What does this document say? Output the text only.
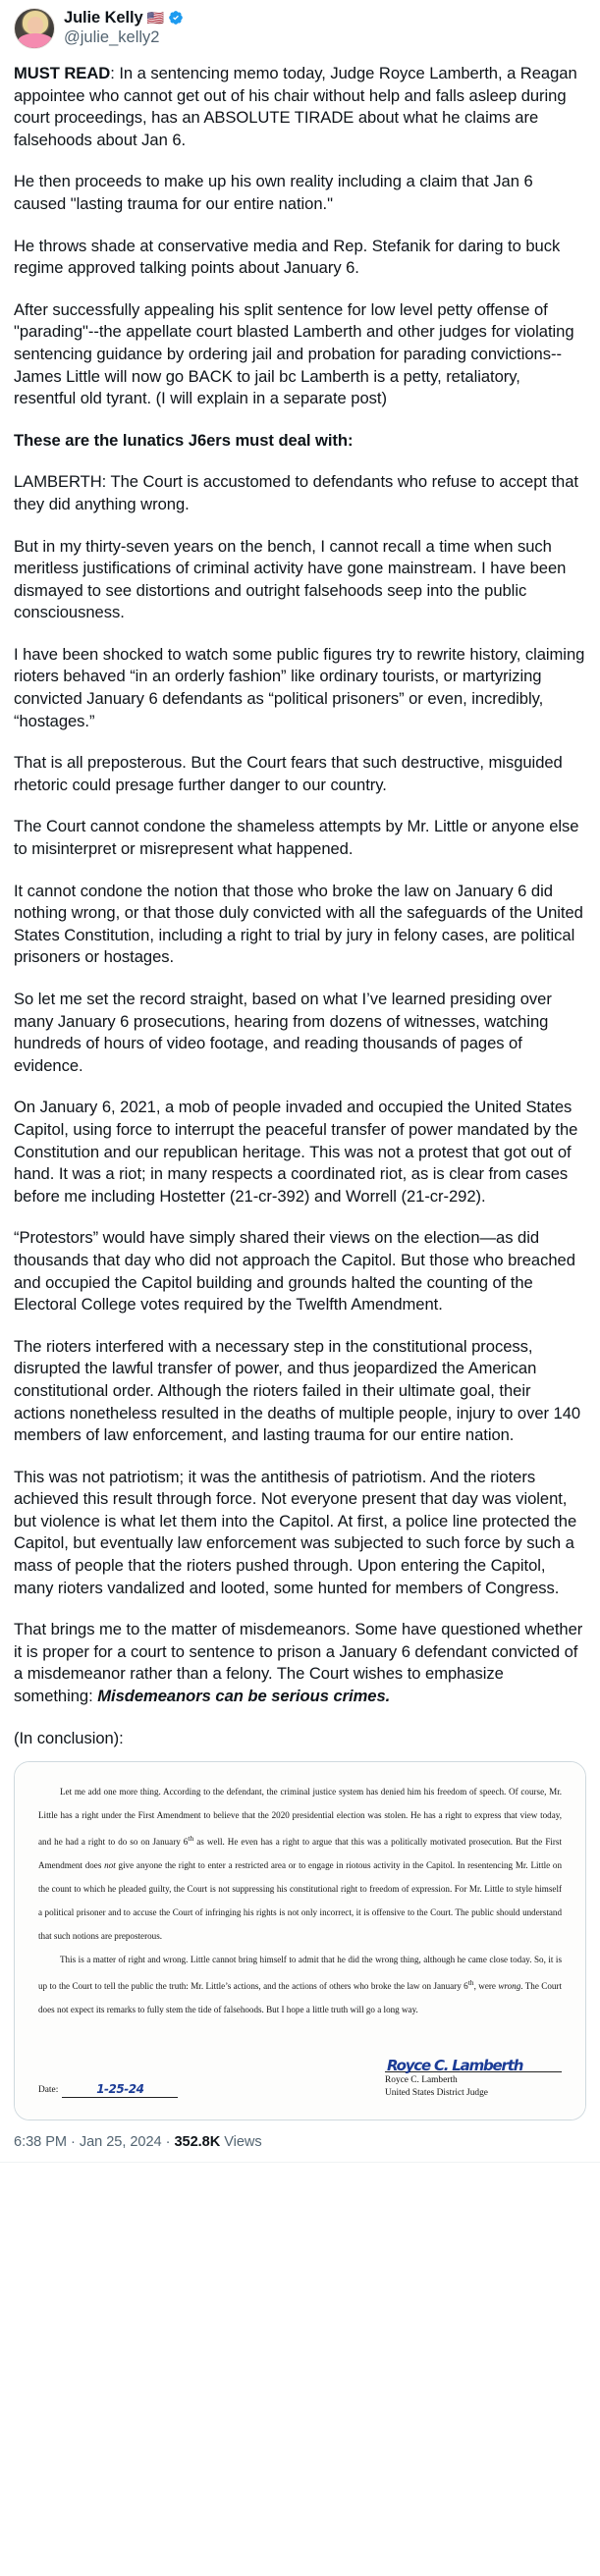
Julie Kelly 🇺🇸
@julie_kelly2

MUST READ: In a sentencing memo today, Judge Royce Lamberth, a Reagan appointee who cannot get out of his chair without help and falls asleep during court proceedings, has an ABSOLUTE TIRADE about what he claims are falsehoods about Jan 6.

He then proceeds to make up his own reality including a claim that Jan 6 caused "lasting trauma for our entire nation."

He throws shade at conservative media and Rep. Stefanik for daring to buck regime approved talking points about January 6.

After successfully appealing his split sentence for low level petty offense of "parading"--the appellate court blasted Lamberth and other judges for violating sentencing guidance by ordering jail and probation for parading convictions--James Little will now go BACK to jail bc Lamberth is a petty, retaliatory, resentful old tyrant. (I will explain in a separate post)

These are the lunatics J6ers must deal with:

LAMBERTH: The Court is accustomed to defendants who refuse to accept that they did anything wrong.

But in my thirty-seven years on the bench, I cannot recall a time when such meritless justifications of criminal activity have gone mainstream. I have been dismayed to see distortions and outright falsehoods seep into the public consciousness.

I have been shocked to watch some public figures try to rewrite history, claiming rioters behaved “in an orderly fashion” like ordinary tourists, or martyrizing convicted January 6 defendants as “political prisoners” or even, incredibly, “hostages.”

That is all preposterous. But the Court fears that such destructive, misguided rhetoric could presage further danger to our country.

The Court cannot condone the shameless attempts by Mr. Little or anyone else to misinterpret or misrepresent what happened.

It cannot condone the notion that those who broke the law on January 6 did nothing wrong, or that those duly convicted with all the safeguards of the United States Constitution, including a right to trial by jury in felony cases, are political prisoners or hostages.

So let me set the record straight, based on what I’ve learned presiding over many January 6 prosecutions, hearing from dozens of witnesses, watching hundreds of hours of video footage, and reading thousands of pages of evidence.

On January 6, 2021, a mob of people invaded and occupied the United States Capitol, using force to interrupt the peaceful transfer of power mandated by the Constitution and our republican heritage. This was not a protest that got out of hand. It was a riot; in many respects a coordinated riot, as is clear from cases before me including Hostetter (21-cr-392) and Worrell (21-cr-292).

“Protestors” would have simply shared their views on the election—as did thousands that day who did not approach the Capitol. But those who breached and occupied the Capitol building and grounds halted the counting of the Electoral College votes required by the Twelfth Amendment.

The rioters interfered with a necessary step in the constitutional process, disrupted the lawful transfer of power, and thus jeopardized the American constitutional order. Although the rioters failed in their ultimate goal, their actions nonetheless resulted in the deaths of multiple people, injury to over 140 members of law enforcement, and lasting trauma for our entire nation.

This was not patriotism; it was the antithesis of patriotism. And the rioters achieved this result through force. Not everyone present that day was violent, but violence is what let them into the Capitol. At first, a police line protected the Capitol, but eventually law enforcement was subjected to such force by such a mass of people that the rioters pushed through. Upon entering the Capitol, many rioters vandalized and looted, some hunted for members of Congress.

That brings me to the matter of misdemeanors. Some have questioned whether it is proper for a court to sentence to prison a January 6 defendant convicted of a misdemeanor rather than a felony. The Court wishes to emphasize something: Misdemeanors can be serious crimes.

(In conclusion):

Let me add one more thing. According to the defendant, the criminal justice system has denied him his freedom of speech. Of course, Mr. Little has a right under the First Amendment to believe that the 2020 presidential election was stolen. He has a right to express that view today, and he had a right to do so on January 6th as well. He even has a right to argue that this was a politically motivated prosecution. But the First Amendment does not give anyone the right to enter a restricted area or to engage in riotous activity in the Capitol. In resentencing Mr. Little on the count to which he pleaded guilty, the Court is not suppressing his constitutional right to freedom of expression. For Mr. Little to style himself a political prisoner and to accuse the Court of infringing his rights is not only incorrect, it is offensive to the Court. The public should understand that such notions are preposterous.

This is a matter of right and wrong. Little cannot bring himself to admit that he did the wrong thing, although he came close today. So, it is up to the Court to tell the public the truth: Mr. Little’s actions, and the actions of others who broke the law on January 6th, were wrong. The Court does not expect its remarks to fully stem the tide of falsehoods. But I hope a little truth will go a long way.

Date:	1-25-24
Royce C. Lamberth
Royce C. Lamberth
United States District Judge
6:38 PM · Jan 25, 2024 · 352.8K Views
